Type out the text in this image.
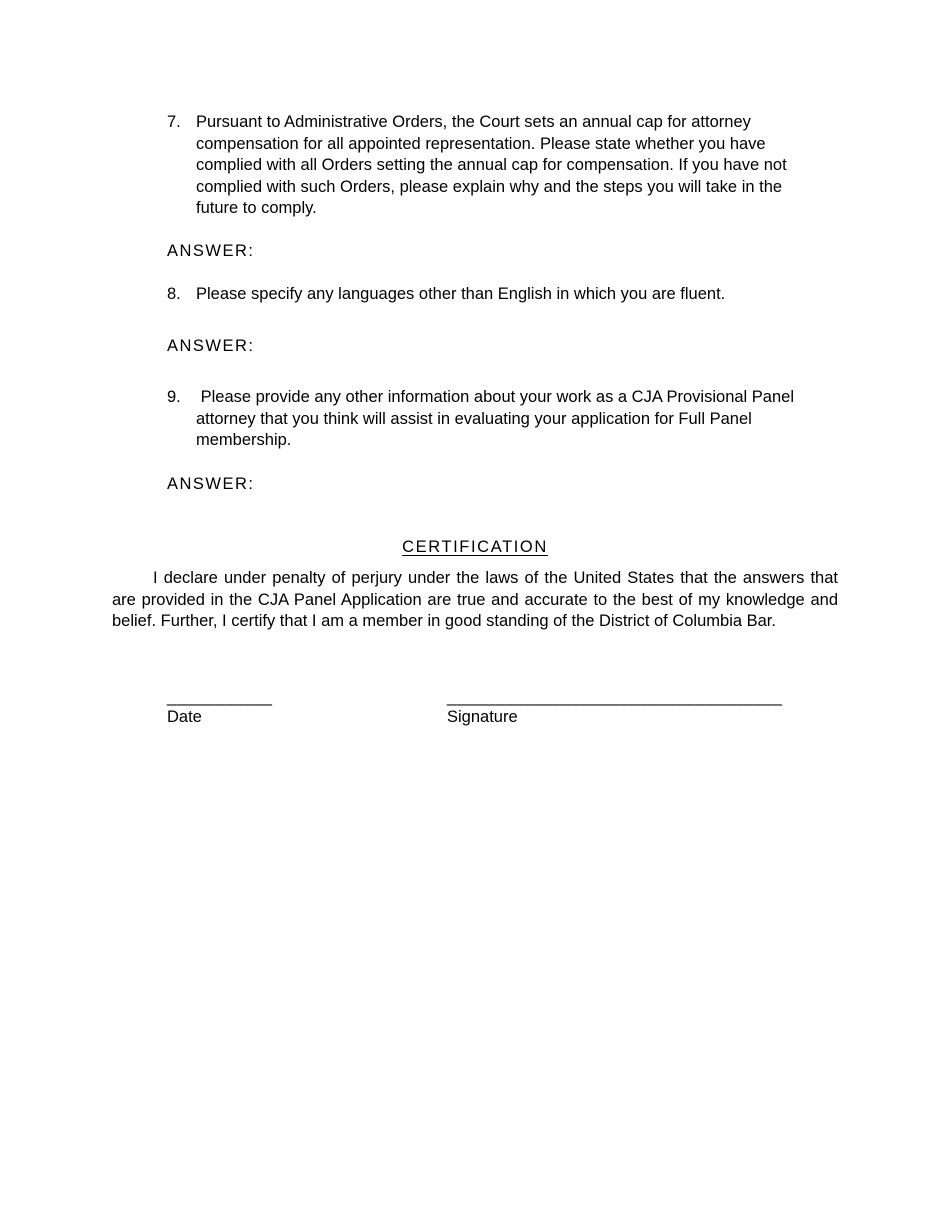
7. Pursuant to Administrative Orders, the Court sets an annual cap for attorney compensation for all appointed representation. Please state whether you have complied with all Orders setting the annual cap for compensation. If you have not complied with such Orders, please explain why and the steps you will take in the future to comply.
ANSWER:
8. Please specify any languages other than English in which you are fluent.
ANSWER:
9. Please provide any other information about your work as a CJA Provisional Panel attorney that you think will assist in evaluating your application for Full Panel membership.
ANSWER:
CERTIFICATION
I declare under penalty of perjury under the laws of the United States that the answers that are provided in the CJA Panel Application are true and accurate to the best of my knowledge and belief. Further, I certify that I am a member in good standing of the District of Columbia Bar.
___________
Date
___________________________________
Signature
